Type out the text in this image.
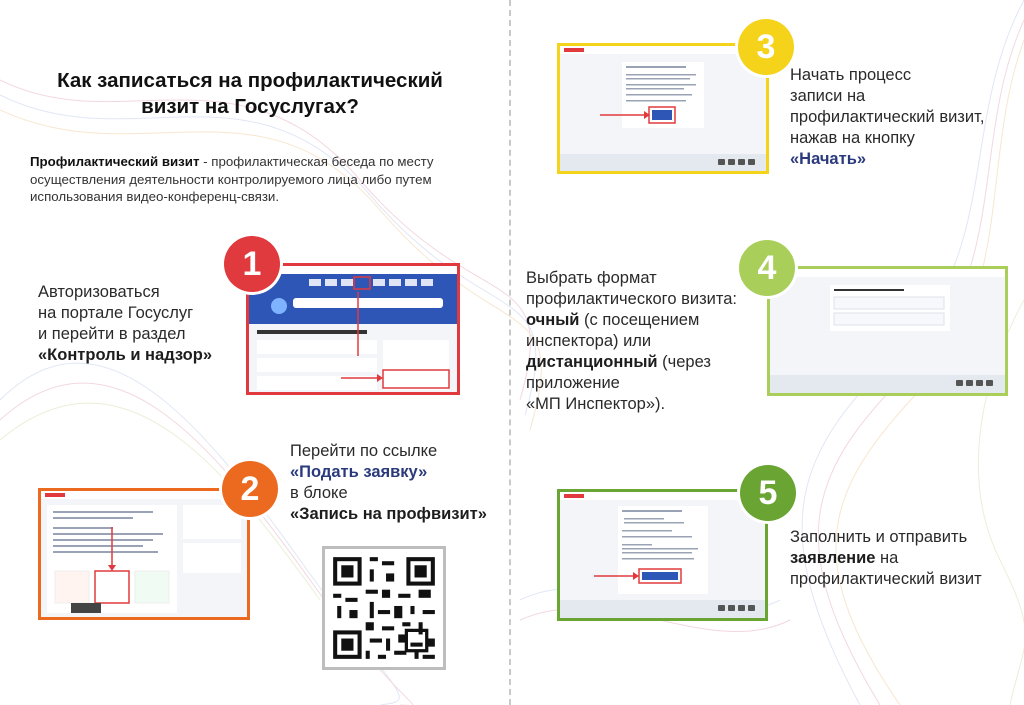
Как записаться на профилактический
визит на Госуслугах?
Профилактический визит - профилактическая беседа по месту осуществления деятельности контролируемого лица либо путем использования видео-конференц-связи.
Авторизоваться
на портале Госуслуг
и перейти в раздел
«Контроль и надзор»
1
2
Перейти по ссылке
«Подать заявку»
в блоке
«Запись на профвизит»
3
Начать процесс
записи на
профилактический визит,
нажав на кнопку
«Начать»
Выбрать формат
профилактического визита:
очный (с посещением
инспектора) или
дистанционный (через
приложение
«МП Инспектор»).
4
5
Заполнить и отправить
заявление на
профилактический визит
